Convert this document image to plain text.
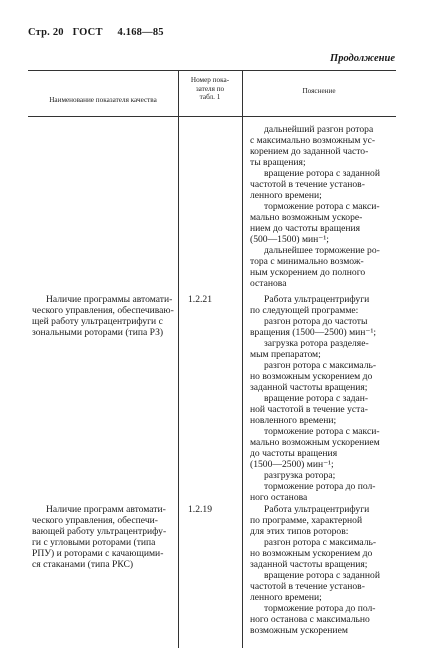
Стр. 20 ГОСТ 4.168—85
Продолжение
Наименование показателя качества
Номер пока-
зателя по
табл. 1
Пояснение
дальнейший разгон ротора
с максимально возможным ус-
корением до заданной часто-
ты вращения;
вращение ротора с заданной
частотой в течение установ-
ленного времени;
торможение ротора с макси-
мально возможным ускоре-
нием до частоты вращения
(500—1500) мин⁻¹;
дальнейшее торможение ро-
тора с минимально возмож-
ным ускорением до полного
останова
Наличие программы автомати-
ческого управления, обеспечиваю-
щей работу ультрацентрифуги с
зональными роторами (типа РЗ)
1.2.21	Работа ультрацентрифуги
по следующей программе:
разгон ротора до частоты
вращения (1500—2500) мин⁻¹;
загрузка ротора разделяе-
мым препаратом;
разгон ротора с максималь-
но возможным ускорением до
заданной частоты вращения;
вращение ротора с задан-
ной частотой в течение уста-
новленного времени;
торможение ротора с макси-
мально возможным ускорением
до частоты вращения
(1500—2500) мин⁻¹;
разгрузка ротора;
торможение ротора до пол-
ного останова
Наличие программ автомати-
ческого управления, обеспечи-
вающей работу ультрацентрифу-
ги с угловыми роторами (типа
РПУ) и роторами с качающими-
ся стаканами (типа РКС)
1.2.19	Работа ультрацентрифуги
по программе, характерной
для этих типов роторов:
разгон ротора с максималь-
но возможным ускорением до
заданной частоты вращения;
вращение ротора с заданной
частотой в течение установ-
ленного времени;
торможение ротора до пол-
ного останова с максимально
возможным ускорением
